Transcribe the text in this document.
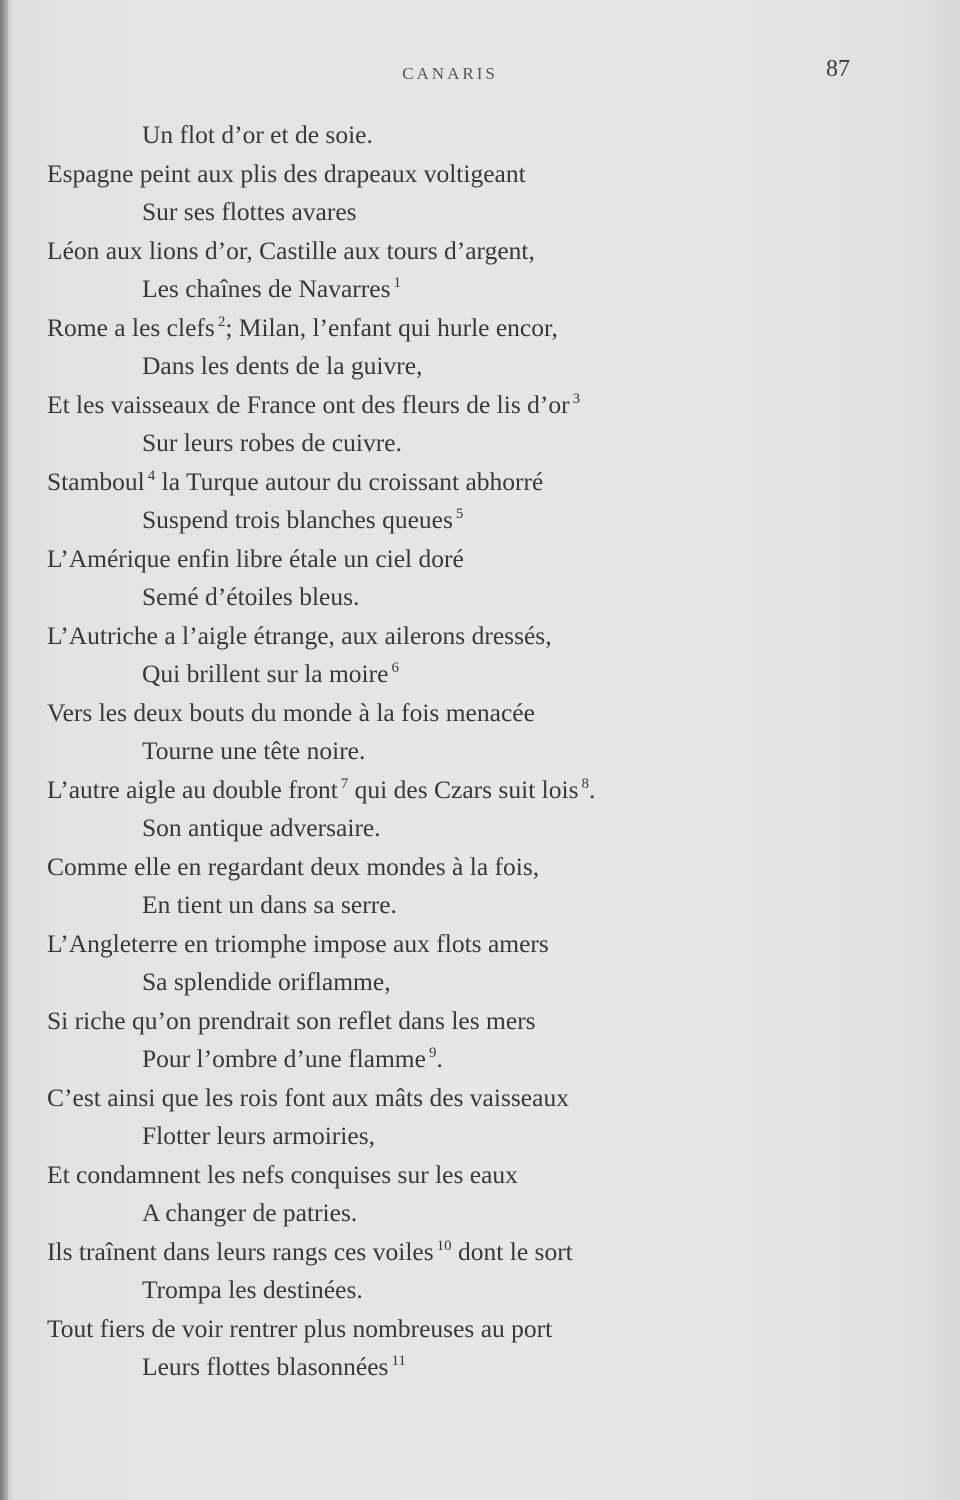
CANARIS	87
Un flot d’or et de soie.
Espagne peint aux plis des drapeaux voltigeant
Sur ses flottes avares
Léon aux lions d’or, Castille aux tours d’argent,
Les chaînes de Navarres $^1$
Rome a les clefs $^2$; Milan, l’enfant qui hurle encor,
Dans les dents de la guivre,
Et les vaisseaux de France ont des fleurs de lis d’or $^3$
Sur leurs robes de cuivre.
Stamboul $^4$ la Turque autour du croissant abhorré
Suspend trois blanches queues $^5$
L’Amérique enfin libre étale un ciel doré
Semé d’étoiles bleus.
L’Autriche a l’aigle étrange, aux ailerons dressés,
Qui brillent sur la moire $^6$
Vers les deux bouts du monde à la fois menacée
Tourne une tête noire.
L’autre aigle au double front $^7$ qui des Czars suit lois $^8$.
Son antique adversaire.
Comme elle en regardant deux mondes à la fois,
En tient un dans sa serre.
L’Angleterre en triomphe impose aux flots amers
Sa splendide oriflamme,
Si riche qu’on prendrait son reflet dans les mers
Pour l’ombre d’une flamme $^9$.
C’est ainsi que les rois font aux mâts des vaisseaux
Flotter leurs armoiries,
Et condamnent les nefs conquises sur les eaux
A changer de patries.
Ils traînent dans leurs rangs ces voiles $^{10}$ dont le sort
Trompa les destinées.
Tout fiers de voir rentrer plus nombreuses au port
Leurs flottes blasonnées $^{11}$
